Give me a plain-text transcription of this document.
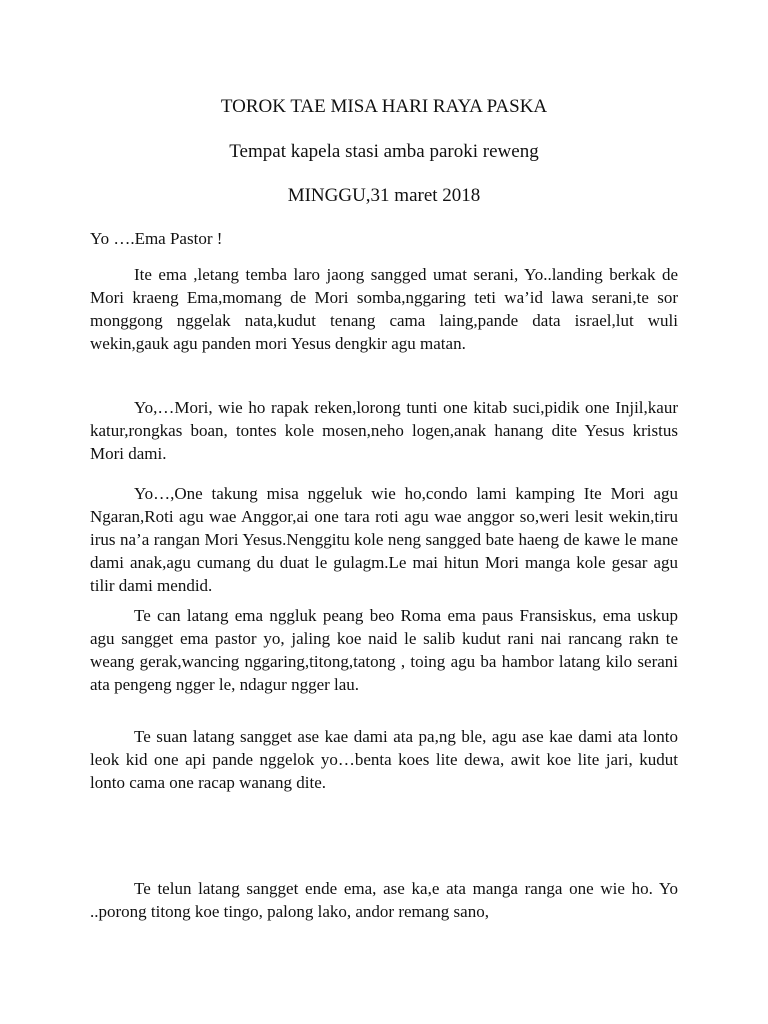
TOROK TAE MISA HARI RAYA PASKA

Tempat kapela stasi amba paroki reweng

MINGGU,31 maret 2018

Yo ….Ema Pastor !

Ite ema ,letang temba laro jaong sangged umat serani, Yo..landing berkak de Mori kraeng Ema,momang de Mori somba,nggaring teti wa’id lawa serani,te sor monggong nggelak nata,kudut tenang cama laing,pande data israel,lut wuli wekin,gauk agu panden mori Yesus dengkir agu matan.

Yo,…Mori, wie ho rapak reken,lorong tunti one kitab suci,pidik one Injil,kaur katur,rongkas boan, tontes kole mosen,neho logen,anak hanang dite Yesus kristus Mori dami.

Yo…,One takung misa nggeluk wie ho,condo lami kamping Ite Mori agu Ngaran,Roti agu wae Anggor,ai one tara roti agu wae anggor so,weri lesit wekin,tiru irus na’a rangan Mori Yesus.Nenggitu kole neng sangged bate haeng de kawe le mane dami anak,agu cumang du duat le gulagm.Le mai hitun Mori manga kole gesar agu tilir dami mendid.

Te can latang ema nggluk peang beo Roma ema paus Fransiskus, ema uskup agu sangget ema pastor yo, jaling koe naid le salib kudut rani nai rancang rakn te weang gerak,wancing nggaring,titong,tatong , toing agu ba hambor latang kilo serani ata pengeng ngger le, ndagur ngger lau.

Te suan latang sangget ase kae dami ata pa,ng ble, agu ase kae dami ata lonto leok kid one api pande nggelok yo…benta koes lite dewa, awit koe lite jari, kudut lonto cama one racap wanang dite.

Te telun latang sangget ende ema, ase ka,e ata manga ranga one wie ho. Yo ..porong titong koe tingo, palong lako, andor remang sano,
